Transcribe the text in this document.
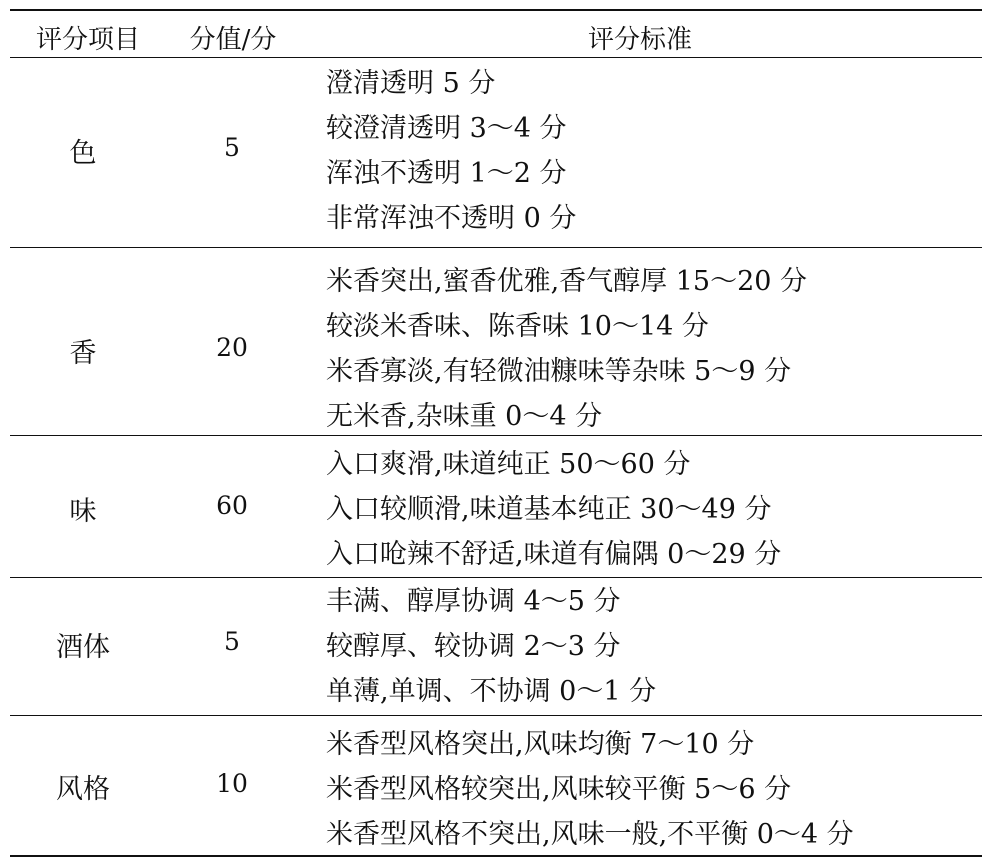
评分项目	分值/分	评分标准
色	5
澄清透明 5 分
较澄清透明 3～4 分
浑浊不透明 1～2 分
非常浑浊不透明 0 分
香	20
米香突出,蜜香优雅,香气醇厚 15～20 分
较淡米香味、陈香味 10～14 分
米香寡淡,有轻微油糠味等杂味 5～9 分
无米香,杂味重 0～4 分
味	60
入口爽滑,味道纯正 50～60 分
入口较顺滑,味道基本纯正 30～49 分
入口呛辣不舒适,味道有偏隅 0～29 分
酒体	5
丰满、醇厚协调 4～5 分
较醇厚、较协调 2～3 分
单薄,单调、不协调 0～1 分
风格	10
米香型风格突出,风味均衡 7～10 分
米香型风格较突出,风味较平衡 5～6 分
米香型风格不突出,风味一般,不平衡 0～4 分
